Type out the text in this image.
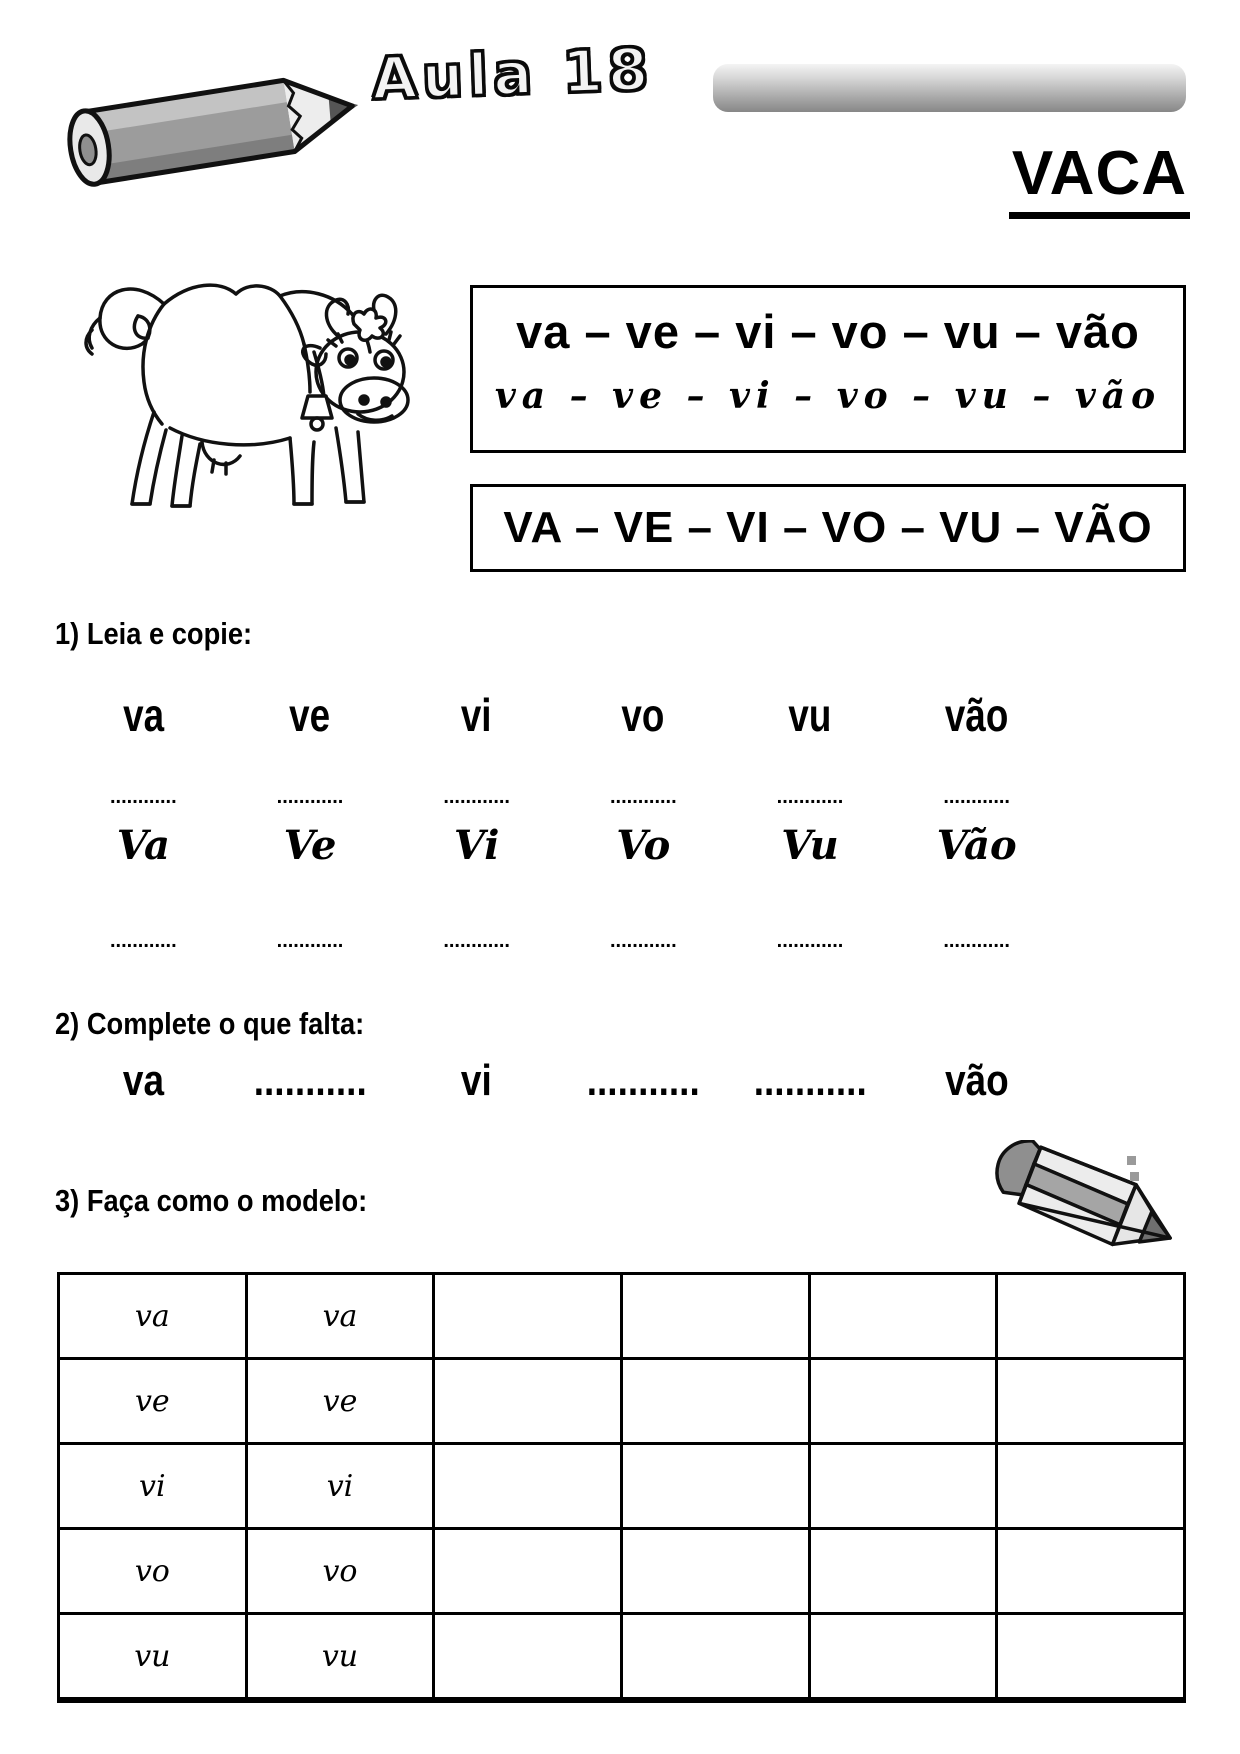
Aula 18
VACA
va – ve – vi – vo – vu – vão
va – ve – vi – vo – vu – vão
VA – VE – VI – VO – VU – VÃO
1) Leia e copie:
va	ve	vi	vo	vu	vão
............	............	............	............	............	............
Va	Ve	Vi	Vo	Vu	Vão
............	............	............	............	............	............
2) Complete o que falta:
va	...........	vi	...........	...........	vão
3) Faça como o modelo:
va	va				
ve	ve				
vi	vi				
vo	vo				
vu	vu				
